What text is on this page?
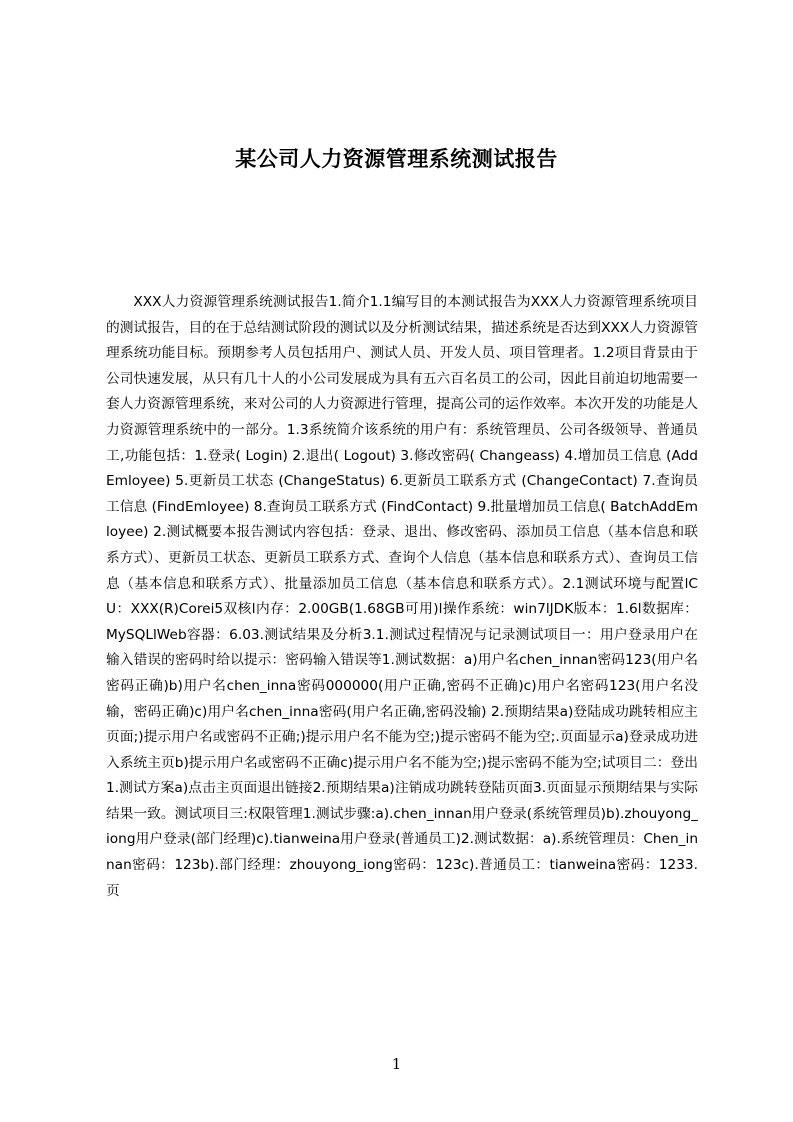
某公司人力资源管理系统测试报告

XXX人力资源管理系统测试报告1.简介1.1编写目的本测试报告为XXX人力资源管理系统项目的测试报告，目的在于总结测试阶段的测试以及分析测试结果，描述系统是否达到XXX人力资源管理系统功能目标。预期参考人员包括用户、测试人员、开发人员、项目管理者。1.2项目背景由于公司快速发展，从只有几十人的小公司发展成为具有五六百名员工的公司，因此目前迫切地需要一套人力资源管理系统，来对公司的人力资源进行管理，提高公司的运作效率。本次开发的功能是人力资源管理系统中的一部分。1.3系统简介该系统的用户有：系统管理员、公司各级领导、普通员工,功能包括：1.登录( Login) 2.退出( Logout) 3.修改密码( Changeass) 4.增加员工信息 (AddEmloyee) 5.更新员工状态 (ChangeStatus) 6.更新员工联系方式 (ChangeContact) 7.查询员工信息 (FindEmloyee) 8.查询员工联系方式 (FindContact) 9.批量增加员工信息( BatchAddEmloyee) 2.测试概要本报告测试内容包括：登录、退出、修改密码、添加员工信息（基本信息和联系方式）、更新员工状态、更新员工联系方式、查询个人信息（基本信息和联系方式）、查询员工信息（基本信息和联系方式）、批量添加员工信息（基本信息和联系方式）。2.1测试环境与配置lCU：XXX(R)Corei5双核l内存：2.00GB(1.68GB可用)l操作系统：win7lJDK版本：1.6l数据库：MySQLlWeb容器：6.03.测试结果及分析3.1.测试过程情况与记录测试项目一：用户登录用户在输入错误的密码时给以提示：密码输入错误等1.测试数据：a)用户名chen_innan密码123(用户名密码正确)b)用户名chen_inna密码000000(用户正确,密码不正确)c)用户名密码123(用户名没输，密码正确)c)用户名chen_inna密码(用户名正确,密码没输) 2.预期结果a)登陆成功跳转相应主页面;)提示用户名或密码不正确;)提示用户名不能为空;)提示密码不能为空;.页面显示a)登录成功进入系统主页b)提示用户名或密码不正确c)提示用户名不能为空;)提示密码不能为空;试项目二：登出1.测试方案a)点击主页面退出链接2.预期结果a)注销成功跳转登陆页面3.页面显示预期结果与实际结果一致。测试项目三:权限管理1.测试步骤:a).chen_innan用户登录(系统管理员)b).zhouyong_iong用户登录(部门经理)c).tianweina用户登录(普通员工)2.测试数据：a).系统管理员：Chen_innan密码：123b).部门经理：zhouyong_iong密码：123c).普通员工：tianweina密码：1233.页

1
